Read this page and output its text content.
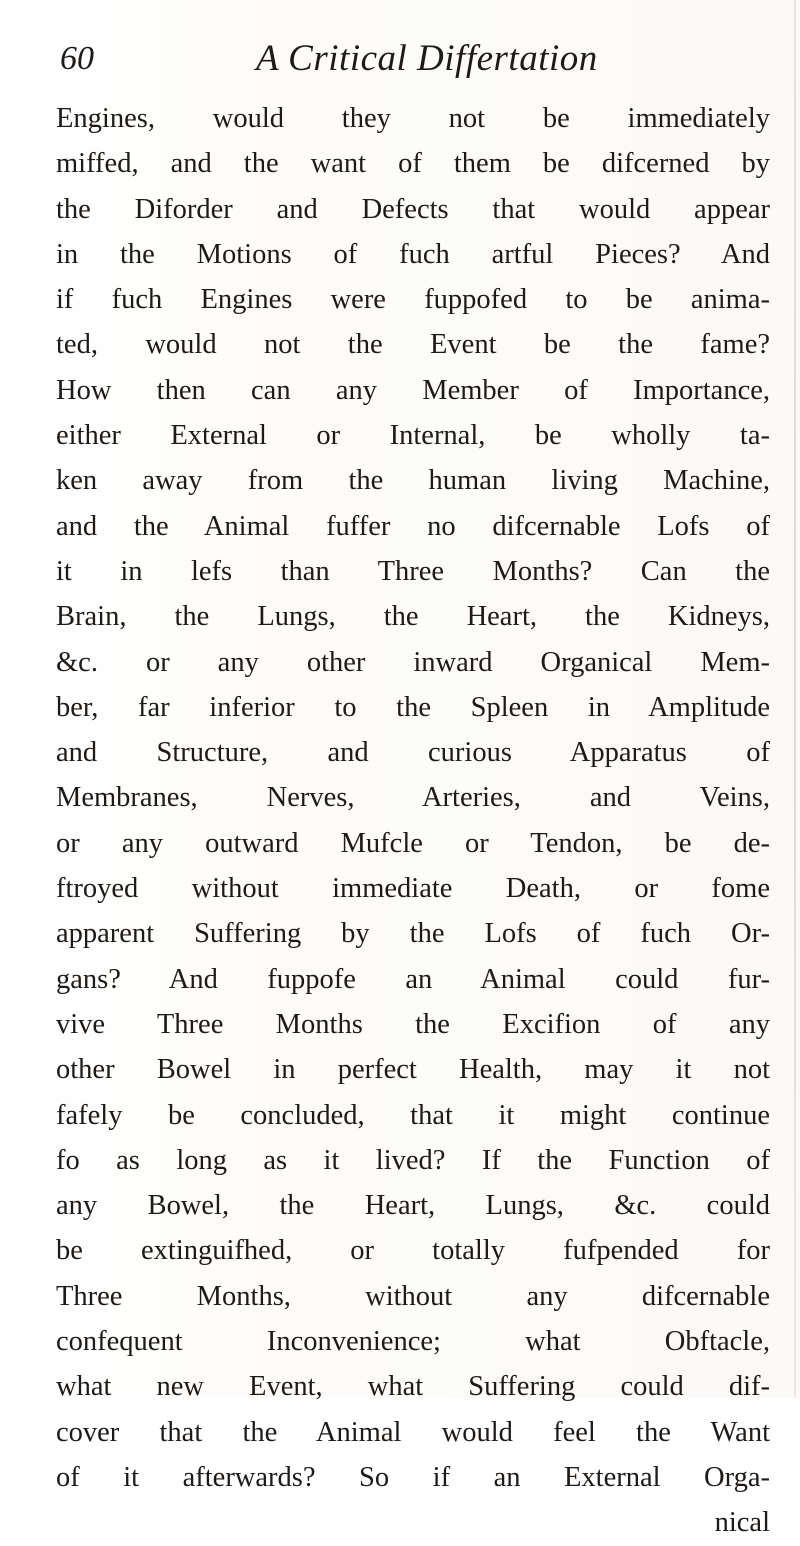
60	A Critical Differtation
Engines, would they not be immediately
miffed, and the want of them be difcerned by
the Diforder and Defects that would appear
in the Motions of fuch artful Pieces? And
if fuch Engines were fuppofed to be anima-
ted, would not the Event be the fame?
How then can any Member of Importance,
either External or Internal, be wholly ta-
ken away from the human living Machine,
and the Animal fuffer no difcernable Lofs of
it in lefs than Three Months? Can the
Brain, the Lungs, the Heart, the Kidneys,
&c. or any other inward Organical Mem-
ber, far inferior to the Spleen in Amplitude
and Structure, and curious Apparatus of
Membranes, Nerves, Arteries, and Veins,
or any outward Mufcle or Tendon, be de-
ftroyed without immediate Death, or fome
apparent Suffering by the Lofs of fuch Or-
gans? And fuppofe an Animal could fur-
vive Three Months the Excifion of any
other Bowel in perfect Health, may it not
fafely be concluded, that it might continue
fo as long as it lived? If the Function of
any Bowel, the Heart, Lungs, &c. could
be extinguifhed, or totally fufpended for
Three Months, without any difcernable
confequent Inconvenience; what Obftacle,
what new Event, what Suffering could dif-
cover that the Animal would feel the Want
of it afterwards? So if an External Orga-
nical
